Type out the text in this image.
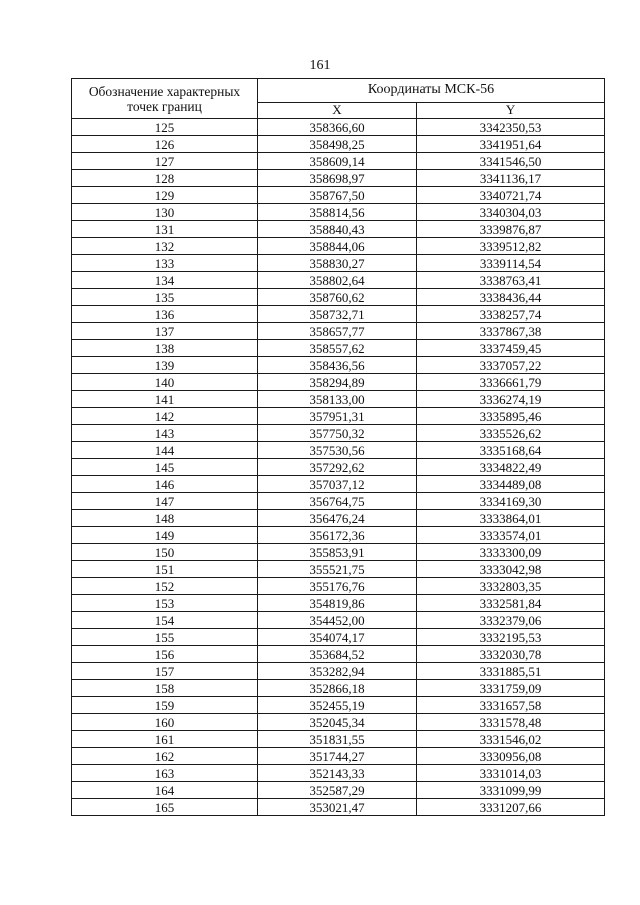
161
Обозначение характерных точек границ	Координаты МСК-56	
	X	Y
125	358366,60	3342350,53
126	358498,25	3341951,64
127	358609,14	3341546,50
128	358698,97	3341136,17
129	358767,50	3340721,74
130	358814,56	3340304,03
131	358840,43	3339876,87
132	358844,06	3339512,82
133	358830,27	3339114,54
134	358802,64	3338763,41
135	358760,62	3338436,44
136	358732,71	3338257,74
137	358657,77	3337867,38
138	358557,62	3337459,45
139	358436,56	3337057,22
140	358294,89	3336661,79
141	358133,00	3336274,19
142	357951,31	3335895,46
143	357750,32	3335526,62
144	357530,56	3335168,64
145	357292,62	3334822,49
146	357037,12	3334489,08
147	356764,75	3334169,30
148	356476,24	3333864,01
149	356172,36	3333574,01
150	355853,91	3333300,09
151	355521,75	3333042,98
152	355176,76	3332803,35
153	354819,86	3332581,84
154	354452,00	3332379,06
155	354074,17	3332195,53
156	353684,52	3332030,78
157	353282,94	3331885,51
158	352866,18	3331759,09
159	352455,19	3331657,58
160	352045,34	3331578,48
161	351831,55	3331546,02
162	351744,27	3330956,08
163	352143,33	3331014,03
164	352587,29	3331099,99
165	353021,47	3331207,66
